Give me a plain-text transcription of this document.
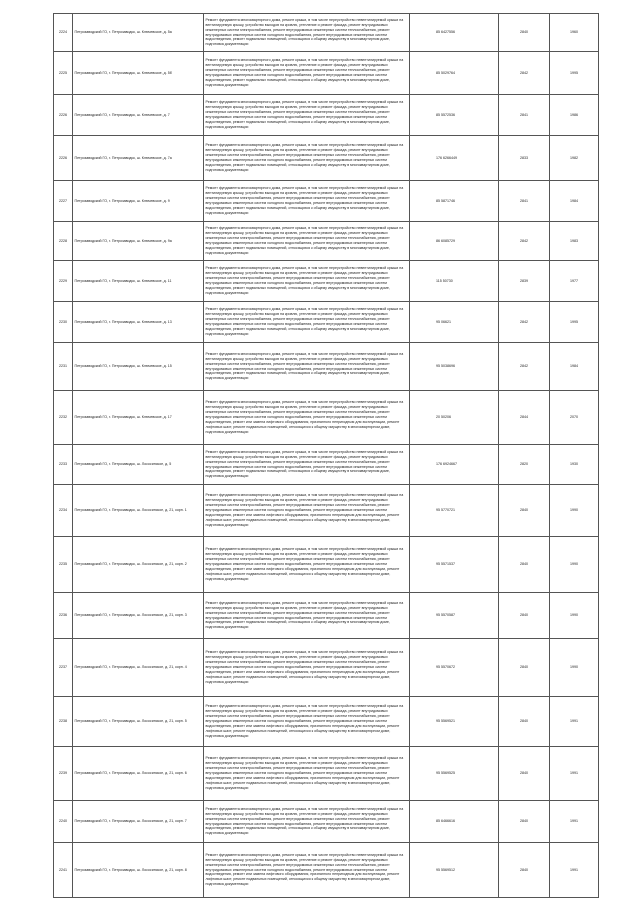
2224	Петрозаводский ГО, г. Петрозаводск, ш. Ключевское, д. 5а	Ремонт фундамента многоквартирного дома, ремонт крыши, в том числе переустройство невентилируемой крыши на вентилируемую крышу, устройство выходов на кровлю, утепление и ремонт фасада, ремонт внутридомовых инженерных систем электроснабжения, ремонт внутридомовых инженерных систем теплоснабжения, ремонт внутридомовых инженерных систем холодного водоснабжения, ремонт внутридомовых инженерных систем водоотведения, ремонт подвальных помещений, относящихся к общему имуществу в многоквартирном доме, подготовка документации	85 6427556	2840	1960
2225	Петрозаводский ГО, г. Петрозаводск, ш. Ключевское, д. 5б	Ремонт фундамента многоквартирного дома, ремонт крыши, в том числе переустройство невентилируемой крыши на вентилируемую крышу, устройство выходов на кровлю, утепление и ремонт фасада, ремонт внутридомовых инженерных систем электроснабжения, ремонт внутридомовых инженерных систем теплоснабжения, ремонт внутридомовых инженерных систем холодного водоснабжения, ремонт внутридомовых инженерных систем водоотведения, ремонт подвальных помещений, относящихся к общему имуществу в многоквартирном доме, подготовка документации	85 5029764	2842	1995
2226	Петрозаводский ГО, г. Петрозаводск, ш. Ключевское, д. 7	Ремонт фундамента многоквартирного дома, ремонт крыши, в том числе переустройство невентилируемой крыши на вентилируемую крышу, устройство выходов на кровлю, утепление и ремонт фасада, ремонт внутридомовых инженерных систем электроснабжения, ремонт внутридомовых инженерных систем теплоснабжения, ремонт внутридомовых инженерных систем холодного водоснабжения, ремонт внутридомовых инженерных систем водоотведения, ремонт подвальных помещений, относящихся к общему имуществу в многоквартирном доме, подготовка документации	85 5572536	2841	1986
2226	Петрозаводский ГО, г. Петрозаводск, ш. Ключевское, д. 7а	Ремонт фундамента многоквартирного дома, ремонт крыши, в том числе переустройство невентилируемой крыши на вентилируемую крышу, устройство выходов на кровлю, утепление и ремонт фасада, ремонт внутридомовых инженерных систем электроснабжения, ремонт внутридомовых инженерных систем теплоснабжения, ремонт внутридомовых инженерных систем холодного водоснабжения, ремонт внутридомовых инженерных систем водоотведения, ремонт подвальных помещений, относящихся к общему имуществу в многоквартирном доме, подготовка документации	176 6266449	2833	1982
2227	Петрозаводский ГО, г. Петрозаводск, ш. Ключевское, д. 9	Ремонт фундамента многоквартирного дома, ремонт крыши, в том числе переустройство невентилируемой крыши на вентилируемую крышу, устройство выходов на кровлю, утепление и ремонт фасада, ремонт внутридомовых инженерных систем электроснабжения, ремонт внутридомовых инженерных систем теплоснабжения, ремонт внутридомовых инженерных систем холодного водоснабжения, ремонт внутридомовых инженерных систем водоотведения, ремонт подвальных помещений, относящихся к общему имуществу в многоквартирном доме, подготовка документации	85 5871746	2841	1984
2228	Петрозаводский ГО, г. Петрозаводск, ш. Ключевское, д. 9а	Ремонт фундамента многоквартирного дома, ремонт крыши, в том числе переустройство невентилируемой крыши на вентилируемую крышу, устройство выходов на кровлю, утепление и ремонт фасада, ремонт внутридомовых инженерных систем электроснабжения, ремонт внутридомовых инженерных систем теплоснабжения, ремонт внутридомовых инженерных систем холодного водоснабжения, ремонт внутридомовых инженерных систем водоотведения, ремонт подвальных помещений, относящихся к общему имуществу в многоквартирном доме, подготовка документации	86 6085729	2842	1983
2229	Петрозаводский ГО, г. Петрозаводск, ш. Ключевское, д. 11	Ремонт фундамента многоквартирного дома, ремонт крыши, в том числе переустройство невентилируемой крыши на вентилируемую крышу, устройство выходов на кровлю, утепление и ремонт фасада, ремонт внутридомовых инженерных систем электроснабжения, ремонт внутридомовых инженерных систем теплоснабжения, ремонт внутридомовых инженерных систем холодного водоснабжения, ремонт внутридомовых инженерных систем водоотведения, ремонт подвальных помещений, относящихся к общему имуществу в многоквартирном доме, подготовка документации	115 50730	2839	1977
2230	Петрозаводский ГО, г. Петрозаводск, ш. Ключевское, д. 13	Ремонт фундамента многоквартирного дома, ремонт крыши, в том числе переустройство невентилируемой крыши на вентилируемую крышу, устройство выходов на кровлю, утепление и ремонт фасада, ремонт внутридомовых инженерных систем электроснабжения, ремонт внутридомовых инженерных систем теплоснабжения, ремонт внутридомовых инженерных систем холодного водоснабжения, ремонт внутридомовых инженерных систем водоотведения, ремонт подвальных помещений, относящихся к общему имуществу в многоквартирном доме, подготовка документации	95 06621	2842	1995
2231	Петрозаводский ГО, г. Петрозаводск, ш. Ключевское, д. 15	Ремонт фундамента многоквартирного дома, ремонт крыши, в том числе переустройство невентилируемой крыши на вентилируемую крышу, устройство выходов на кровлю, утепление и ремонт фасада, ремонт внутридомовых инженерных систем электроснабжения, ремонт внутридомовых инженерных систем теплоснабжения, ремонт внутридомовых инженерных систем холодного водоснабжения, ремонт внутридомовых инженерных систем водоотведения, ремонт подвальных помещений, относящихся к общему имуществу в многоквартирном доме, подготовка документации	95 5038696	2842	1984
2232	Петрозаводский ГО, г. Петрозаводск, ш. Ключевское, д. 17	Ремонт фундамента многоквартирного дома, ремонт крыши, в том числе переустройство невентилируемой крыши на вентилируемую крышу, устройство выходов на кровлю, утепление и ремонт фасада, ремонт внутридомовых инженерных систем электроснабжения, ремонт внутридомовых инженерных систем теплоснабжения, ремонт внутридомовых инженерных систем холодного водоснабжения, ремонт внутридомовых инженерных систем водоотведения, ремонт или замена лифтового оборудования, признанного непригодным для эксплуатации, ремонт лифтовых шахт, ремонт подвальных помещений, относящихся к общему имуществу в многоквартирном доме, подготовка документации	20 50206	2844	2070
2233	Петрозаводский ГО, г. Петрозаводск, ш. Лососинское, д. 5	Ремонт фундамента многоквартирного дома, ремонт крыши, в том числе переустройство невентилируемой крыши на вентилируемую крышу, устройство выходов на кровлю, утепление и ремонт фасада, ремонт внутридомовых инженерных систем электроснабжения, ремонт внутридомовых инженерных систем теплоснабжения, ремонт внутридомовых инженерных систем холодного водоснабжения, ремонт внутридомовых инженерных систем водоотведения, ремонт подвальных помещений, относящихся к общему имуществу в многоквартирном доме, подготовка документации	176 6924667	2820	1930
2234	Петрозаводский ГО, г. Петрозаводск, ш. Лососинское, д. 21, корп. 1	Ремонт фундамента многоквартирного дома, ремонт крыши, в том числе переустройство невентилируемой крыши на вентилируемую крышу, устройство выходов на кровлю, утепление и ремонт фасада, ремонт внутридомовых инженерных систем электроснабжения, ремонт внутридомовых инженерных систем теплоснабжения, ремонт внутридомовых инженерных систем холодного водоснабжения, ремонт внутридомовых инженерных систем водоотведения, ремонт или замена лифтового оборудования, признанного непригодным для эксплуатации, ремонт лифтовых шахт, ремонт подвальных помещений, относящихся к общему имуществу в многоквартирном доме, подготовка документации	95 5770721	2840	1990
2235	Петрозаводский ГО, г. Петрозаводск, ш. Лососинское, д. 21, корп. 2	Ремонт фундамента многоквартирного дома, ремонт крыши, в том числе переустройство невентилируемой крыши на вентилируемую крышу, устройство выходов на кровлю, утепление и ремонт фасада, ремонт внутридомовых инженерных систем электроснабжения, ремонт внутридомовых инженерных систем теплоснабжения, ремонт внутридомовых инженерных систем холодного водоснабжения, ремонт внутридомовых инженерных систем водоотведения, ремонт или замена лифтового оборудования, признанного непригодным для эксплуатации, ремонт лифтовых шахт, ремонт подвальных помещений, относящихся к общему имуществу в многоквартирном доме, подготовка документации	95 5571537	2840	1990
2236	Петрозаводский ГО, г. Петрозаводск, ш. Лососинское, д. 21, корп. 3	Ремонт фундамента многоквартирного дома, ремонт крыши, в том числе переустройство невентилируемой крыши на вентилируемую крышу, устройство выходов на кровлю, утепление и ремонт фасада, ремонт внутридомовых инженерных систем электроснабжения, ремонт внутридомовых инженерных систем теплоснабжения, ремонт внутридомовых инженерных систем холодного водоснабжения, ремонт внутридомовых инженерных систем водоотведения, ремонт подвальных помещений, относящихся к общему имуществу в многоквартирном доме, подготовка документации	95 5570587	2840	1990
2237	Петрозаводский ГО, г. Петрозаводск, ш. Лососинское, д. 21, корп. 4	Ремонт фундамента многоквартирного дома, ремонт крыши, в том числе переустройство невентилируемой крыши на вентилируемую крышу, устройство выходов на кровлю, утепление и ремонт фасада, ремонт внутридомовых инженерных систем электроснабжения, ремонт внутридомовых инженерных систем теплоснабжения, ремонт внутридомовых инженерных систем холодного водоснабжения, ремонт внутридомовых инженерных систем водоотведения, ремонт или замена лифтового оборудования, признанного непригодным для эксплуатации, ремонт лифтовых шахт, ремонт подвальных помещений, относящихся к общему имуществу в многоквартирном доме, подготовка документации	95 5570672	2840	1990
2238	Петрозаводский ГО, г. Петрозаводск, ш. Лососинское, д. 21, корп. 5	Ремонт фундамента многоквартирного дома, ремонт крыши, в том числе переустройство невентилируемой крыши на вентилируемую крышу, устройство выходов на кровлю, утепление и ремонт фасада, ремонт внутридомовых инженерных систем электроснабжения, ремонт внутридомовых инженерных систем теплоснабжения, ремонт внутридомовых инженерных систем холодного водоснабжения, ремонт внутридомовых инженерных систем водоотведения, ремонт или замена лифтового оборудования, признанного непригодным для эксплуатации, ремонт лифтовых шахт, ремонт подвальных помещений, относящихся к общему имуществу в многоквартирном доме, подготовка документации	95 5569521	2840	1991
2239	Петрозаводский ГО, г. Петрозаводск, ш. Лососинское, д. 21, корп. 6	Ремонт фундамента многоквартирного дома, ремонт крыши, в том числе переустройство невентилируемой крыши на вентилируемую крышу, устройство выходов на кровлю, утепление и ремонт фасада, ремонт внутридомовых инженерных систем электроснабжения, ремонт внутридомовых инженерных систем теплоснабжения, ремонт внутридомовых инженерных систем холодного водоснабжения, ремонт внутридомовых инженерных систем водоотведения, ремонт или замена лифтового оборудования, признанного непригодным для эксплуатации, ремонт лифтовых шахт, ремонт подвальных помещений, относящихся к общему имуществу в многоквартирном доме, подготовка документации	95 5569525	2840	1991
2240	Петрозаводский ГО, г. Петрозаводск, ш. Лососинское, д. 21, корп. 7	Ремонт фундамента многоквартирного дома, ремонт крыши, в том числе переустройство невентилируемой крыши на вентилируемую крышу, устройство выходов на кровлю, утепление и ремонт фасада, ремонт внутридомовых инженерных систем электроснабжения, ремонт внутридомовых инженерных систем теплоснабжения, ремонт внутридомовых инженерных систем холодного водоснабжения, ремонт внутридомовых инженерных систем водоотведения, ремонт подвальных помещений, относящихся к общему имуществу в многоквартирном доме, подготовка документации	85 6466616	2840	1991
2241	Петрозаводский ГО, г. Петрозаводск, ш. Лососинское, д. 21, корп. 8	Ремонт фундамента многоквартирного дома, ремонт крыши, в том числе переустройство невентилируемой крыши на вентилируемую крышу, устройство выходов на кровлю, утепление и ремонт фасада, ремонт внутридомовых инженерных систем электроснабжения, ремонт внутридомовых инженерных систем теплоснабжения, ремонт внутридомовых инженерных систем холодного водоснабжения, ремонт внутридомовых инженерных систем водоотведения, ремонт или замена лифтового оборудования, признанного непригодным для эксплуатации, ремонт лифтовых шахт, ремонт подвальных помещений, относящихся к общему имуществу в многоквартирном доме, подготовка документации	95 5569512	2840	1991
